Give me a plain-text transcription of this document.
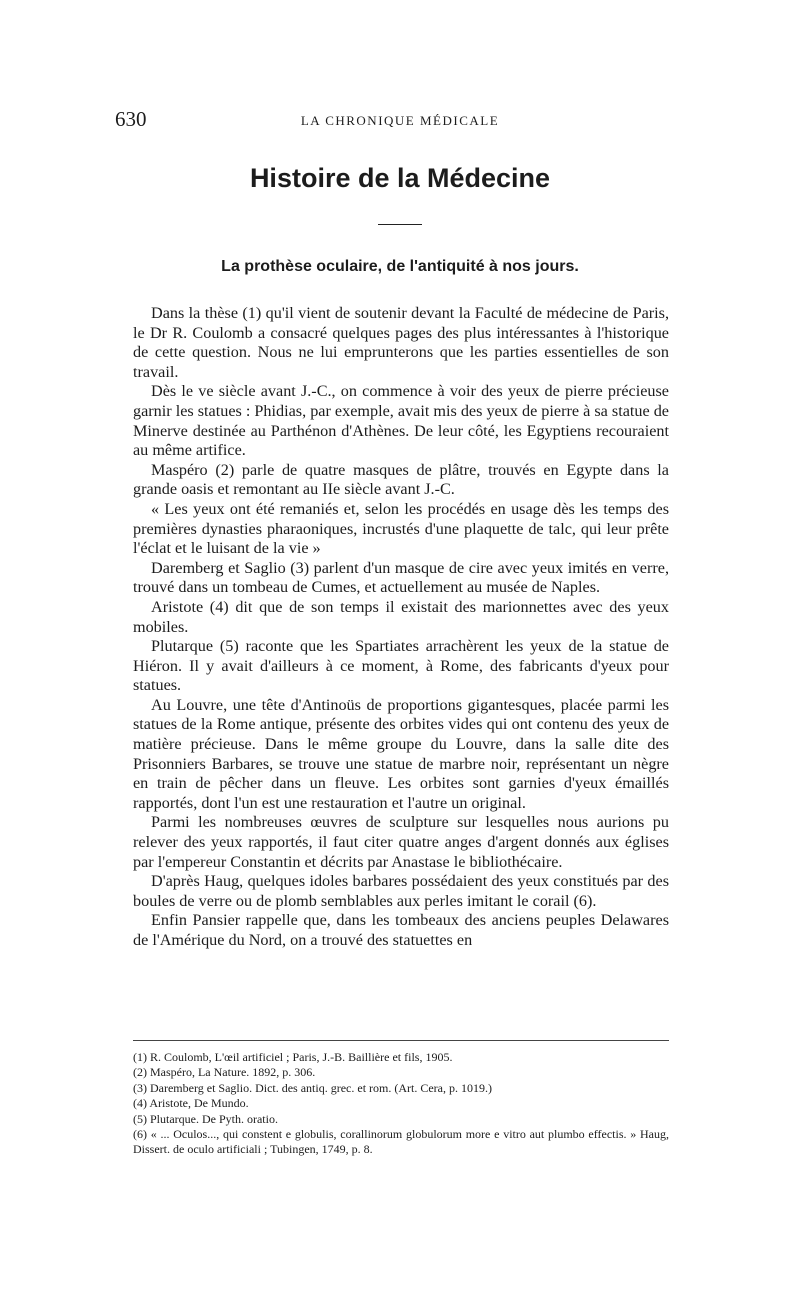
630	LA CHRONIQUE MÉDICALE
Histoire de la Médecine
La prothèse oculaire, de l'antiquité à nos jours.

Dans la thèse (1) qu'il vient de soutenir devant la Faculté de médecine de Paris, le Dr R. Coulomb a consacré quelques pages des plus intéressantes à l'historique de cette question. Nous ne lui emprunterons que les parties essentielles de son travail.

Dès le ve siècle avant J.-C., on commence à voir des yeux de pierre précieuse garnir les statues : Phidias, par exemple, avait mis des yeux de pierre à sa statue de Minerve destinée au Parthénon d'Athènes. De leur côté, les Egyptiens recouraient au même artifice.

Maspéro (2) parle de quatre masques de plâtre, trouvés en Egypte dans la grande oasis et remontant au IIe siècle avant J.-C.

« Les yeux ont été remaniés et, selon les procédés en usage dès les temps des premières dynasties pharaoniques, incrustés d'une plaquette de talc, qui leur prête l'éclat et le luisant de la vie »

Daremberg et Saglio (3) parlent d'un masque de cire avec yeux imités en verre, trouvé dans un tombeau de Cumes, et actuellement au musée de Naples.

Aristote (4) dit que de son temps il existait des marionnettes avec des yeux mobiles.

Plutarque (5) raconte que les Spartiates arrachèrent les yeux de la statue de Hiéron. Il y avait d'ailleurs à ce moment, à Rome, des fabricants d'yeux pour statues.

Au Louvre, une tête d'Antinoüs de proportions gigantesques, placée parmi les statues de la Rome antique, présente des orbites vides qui ont contenu des yeux de matière précieuse. Dans le même groupe du Louvre, dans la salle dite des Prisonniers Barbares, se trouve une statue de marbre noir, représentant un nègre en train de pêcher dans un fleuve. Les orbites sont garnies d'yeux émaillés rapportés, dont l'un est une restauration et l'autre un original.

Parmi les nombreuses œuvres de sculpture sur lesquelles nous aurions pu relever des yeux rapportés, il faut citer quatre anges d'argent donnés aux églises par l'empereur Constantin et décrits par Anastase le bibliothécaire.

D'après Haug, quelques idoles barbares possédaient des yeux constitués par des boules de verre ou de plomb semblables aux perles imitant le corail (6).

Enfin Pansier rappelle que, dans les tombeaux des anciens peuples Delawares de l'Amérique du Nord, on a trouvé des statuettes en

(1) R. Coulomb, L'œil artificiel ; Paris, J.-B. Baillière et fils, 1905.

(2) Maspéro, La Nature. 1892, p. 306.

(3) Daremberg et Saglio. Dict. des antiq. grec. et rom. (Art. Cera, p. 1019.)

(4) Aristote, De Mundo.

(5) Plutarque. De Pyth. oratio.

(6) « ... Oculos..., qui constent e globulis, corallinorum globulorum more e vitro aut plumbo effectis. » Haug, Dissert. de oculo artificiali ; Tubingen, 1749, p. 8.
